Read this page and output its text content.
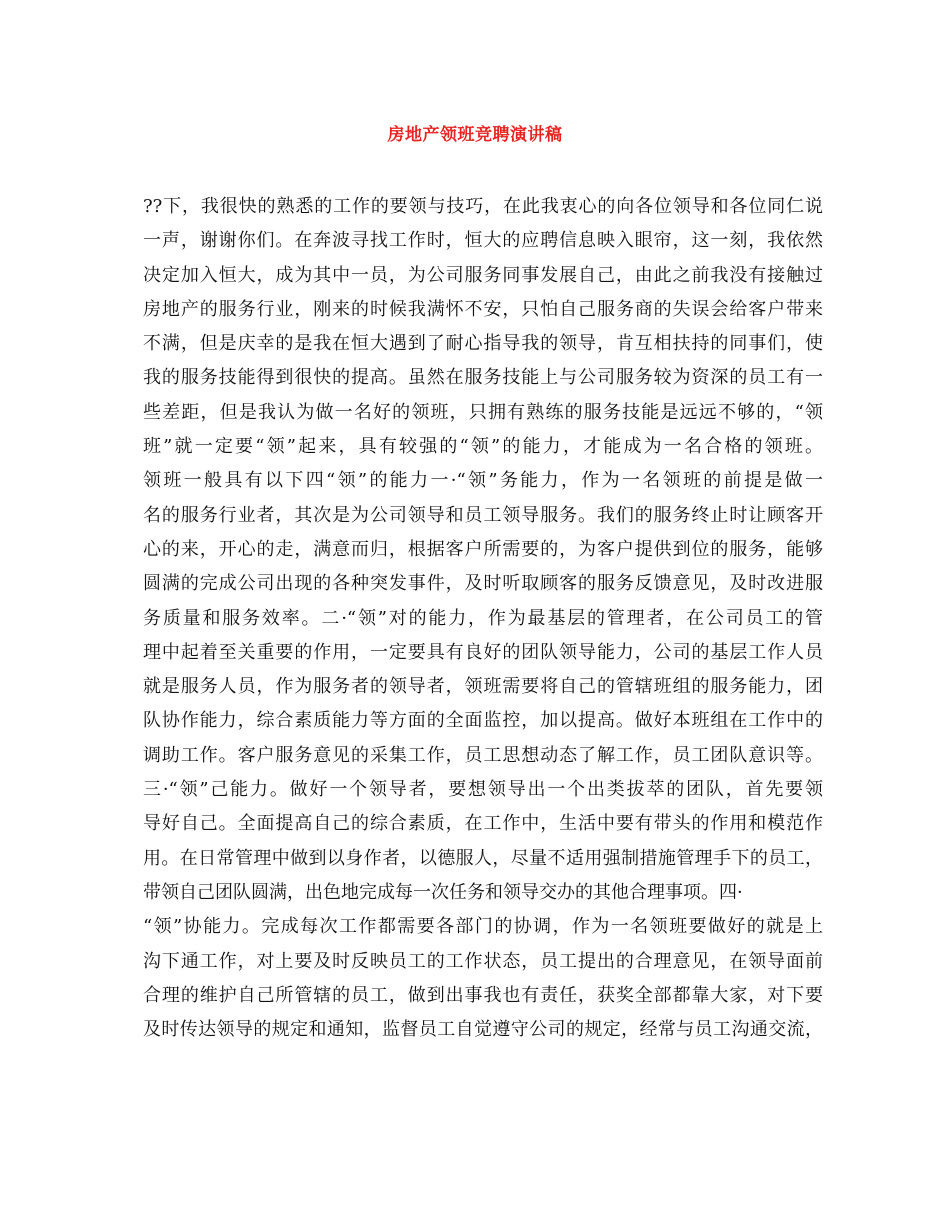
房地产领班竞聘演讲稿
??下，我很快的熟悉的工作的要领与技巧，在此我衷心的向各位领导和各位同仁说
一声，谢谢你们。在奔波寻找工作时，恒大的应聘信息映入眼帘，这一刻，我依然
决定加入恒大，成为其中一员，为公司服务同事发展自己，由此之前我没有接触过
房地产的服务行业，刚来的时候我满怀不安，只怕自己服务商的失误会给客户带来
不满，但是庆幸的是我在恒大遇到了耐心指导我的领导，肯互相扶持的同事们，使
我的服务技能得到很快的提高。虽然在服务技能上与公司服务较为资深的员工有一
些差距，但是我认为做一名好的领班，只拥有熟练的服务技能是远远不够的，“领
班”就一定要“领”起来，具有较强的“领”的能力，才能成为一名合格的领班。
领班一般具有以下四“领”的能力一·“领”务能力，作为一名领班的前提是做一
名的服务行业者，其次是为公司领导和员工领导服务。我们的服务终止时让顾客开
心的来，开心的走，满意而归，根据客户所需要的，为客户提供到位的服务，能够
圆满的完成公司出现的各种突发事件，及时听取顾客的服务反馈意见，及时改进服
务质量和服务效率。二·“领”对的能力，作为最基层的管理者，在公司员工的管
理中起着至关重要的作用，一定要具有良好的团队领导能力，公司的基层工作人员
就是服务人员，作为服务者的领导者，领班需要将自己的管辖班组的服务能力，团
队协作能力，综合素质能力等方面的全面监控，加以提高。做好本班组在工作中的
调助工作。客户服务意见的采集工作，员工思想动态了解工作，员工团队意识等。
三·“领”己能力。做好一个领导者，要想领导出一个出类拔萃的团队，首先要领
导好自己。全面提高自己的综合素质，在工作中，生活中要有带头的作用和模范作
用。在日常管理中做到以身作者，以德服人，尽量不适用强制措施管理手下的员工，
带领自己团队圆满，出色地完成每一次任务和领导交办的其他合理事项。四·
“领”协能力。完成每次工作都需要各部门的协调，作为一名领班要做好的就是上
沟下通工作，对上要及时反映员工的工作状态，员工提出的合理意见，在领导面前
合理的维护自己所管辖的员工，做到出事我也有责任，获奖全部都靠大家，对下要
及时传达领导的规定和通知，监督员工自觉遵守公司的规定，经常与员工沟通交流，
